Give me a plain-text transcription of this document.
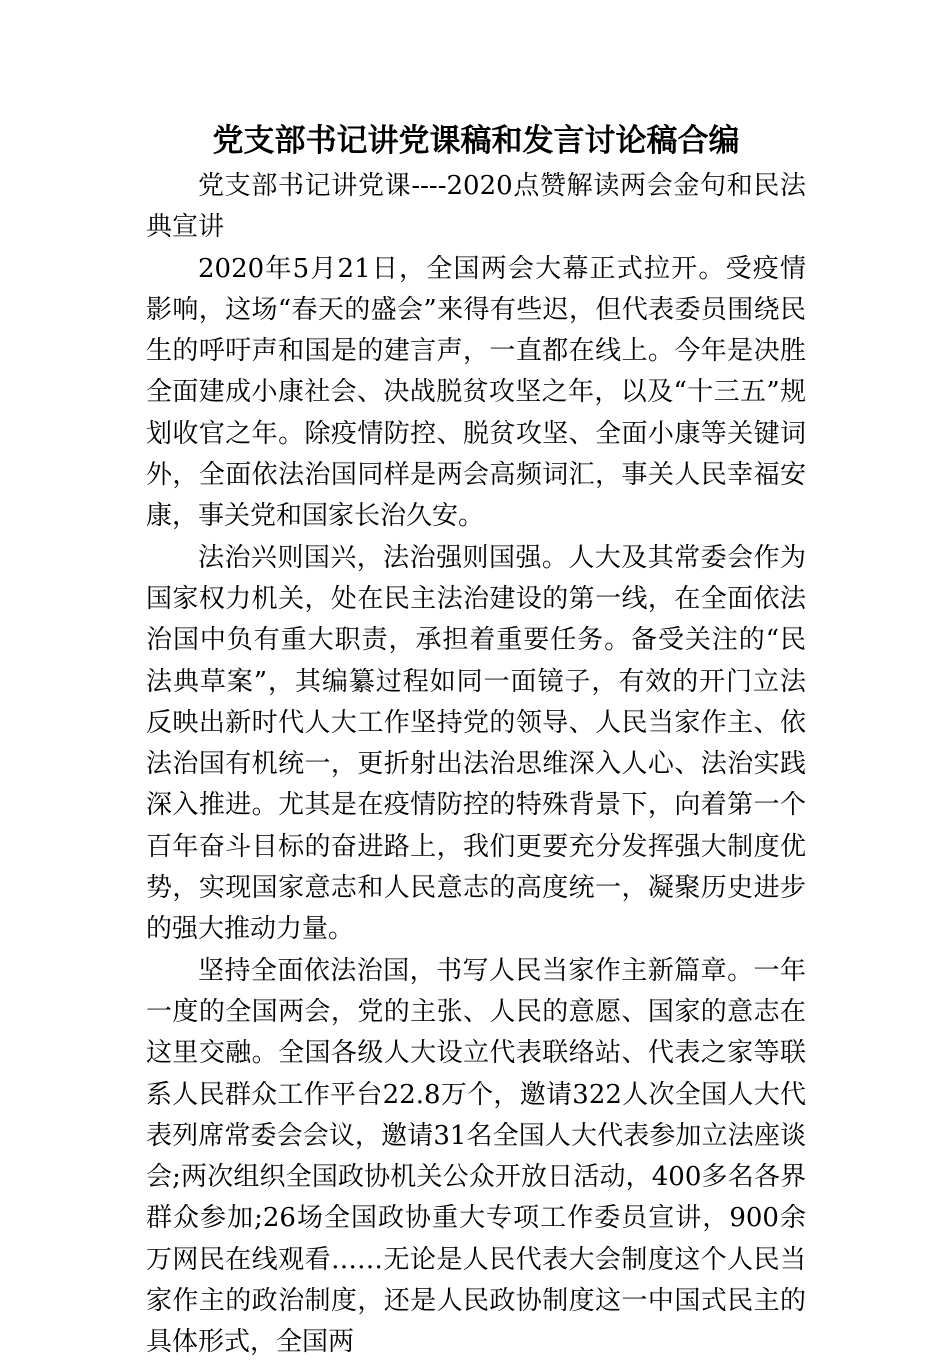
党支部书记讲党课稿和发言讨论稿合编

党支部书记讲党课----2020点赞解读两会金句和民法典宣讲

2020年5月21日，全国两会大幕正式拉开。受疫情影响，这场“春天的盛会”来得有些迟，但代表委员围绕民生的呼吁声和国是的建言声，一直都在线上。今年是决胜全面建成小康社会、决战脱贫攻坚之年，以及“十三五”规划收官之年。除疫情防控、脱贫攻坚、全面小康等关键词外，全面依法治国同样是两会高频词汇，事关人民幸福安康，事关党和国家长治久安。

法治兴则国兴，法治强则国强。人大及其常委会作为国家权力机关，处在民主法治建设的第一线，在全面依法治国中负有重大职责，承担着重要任务。备受关注的“民法典草案”，其编纂过程如同一面镜子，有效的开门立法反映出新时代人大工作坚持党的领导、人民当家作主、依法治国有机统一，更折射出法治思维深入人心、法治实践深入推进。尤其是在疫情防控的特殊背景下，向着第一个百年奋斗目标的奋进路上，我们更要充分发挥强大制度优势，实现国家意志和人民意志的高度统一，凝聚历史进步的强大推动力量。

坚持全面依法治国，书写人民当家作主新篇章。一年一度的全国两会，党的主张、人民的意愿、国家的意志在这里交融。全国各级人大设立代表联络站、代表之家等联系人民群众工作平台22.8万个，邀请322人次全国人大代表列席常委会会议，邀请31名全国人大代表参加立法座谈会;两次组织全国政协机关公众开放日活动，400多名各界群众参加;26场全国政协重大专项工作委员宣讲，900余万网民在线观看……无论是人民代表大会制度这个人民当家作主的政治制度，还是人民政协制度这一中国式民主的具体形式，全国两
